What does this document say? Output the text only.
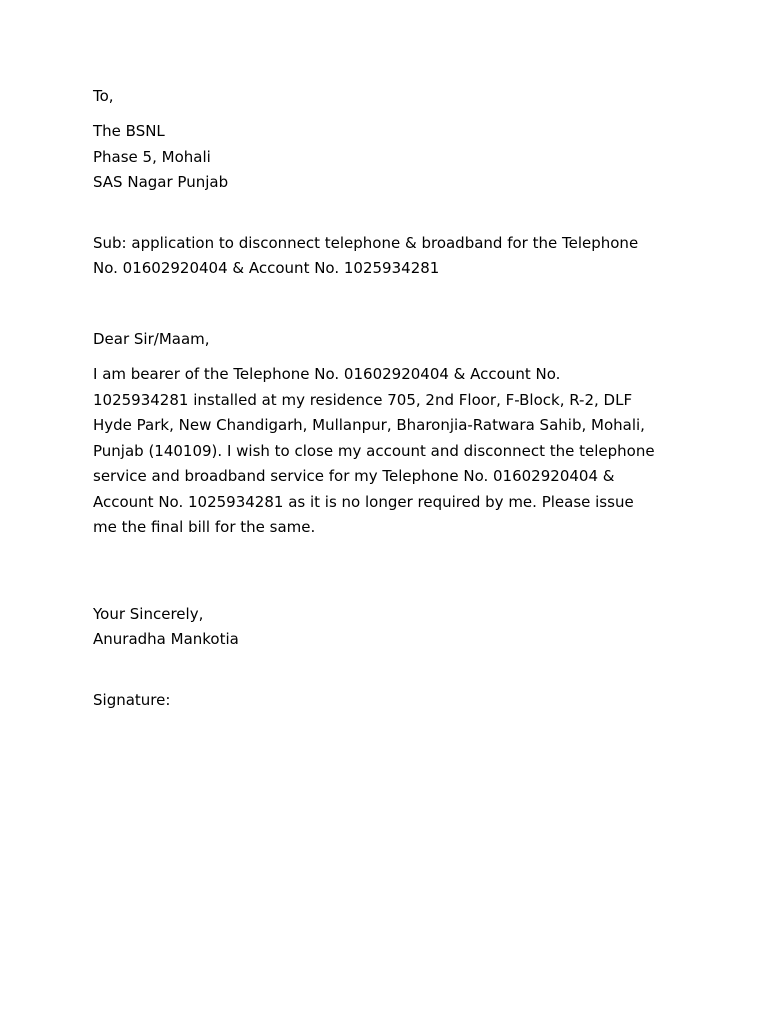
To,
The BSNL
Phase 5, Mohali
SAS Nagar Punjab
Sub: application to disconnect telephone & broadband for the Telephone
No. 01602920404 & Account No. 1025934281
Dear Sir/Maam,
I am bearer of the Telephone No. 01602920404 & Account No.
1025934281 installed at my residence 705, 2nd Floor, F-Block, R-2, DLF
Hyde Park, New Chandigarh, Mullanpur, Bharonjia-Ratwara Sahib, Mohali,
Punjab (140109). I wish to close my account and disconnect the telephone
service and broadband service for my Telephone No. 01602920404 &
Account No. 1025934281 as it is no longer required by me. Please issue
me the final bill for the same.
Your Sincerely,
Anuradha Mankotia
Signature:
